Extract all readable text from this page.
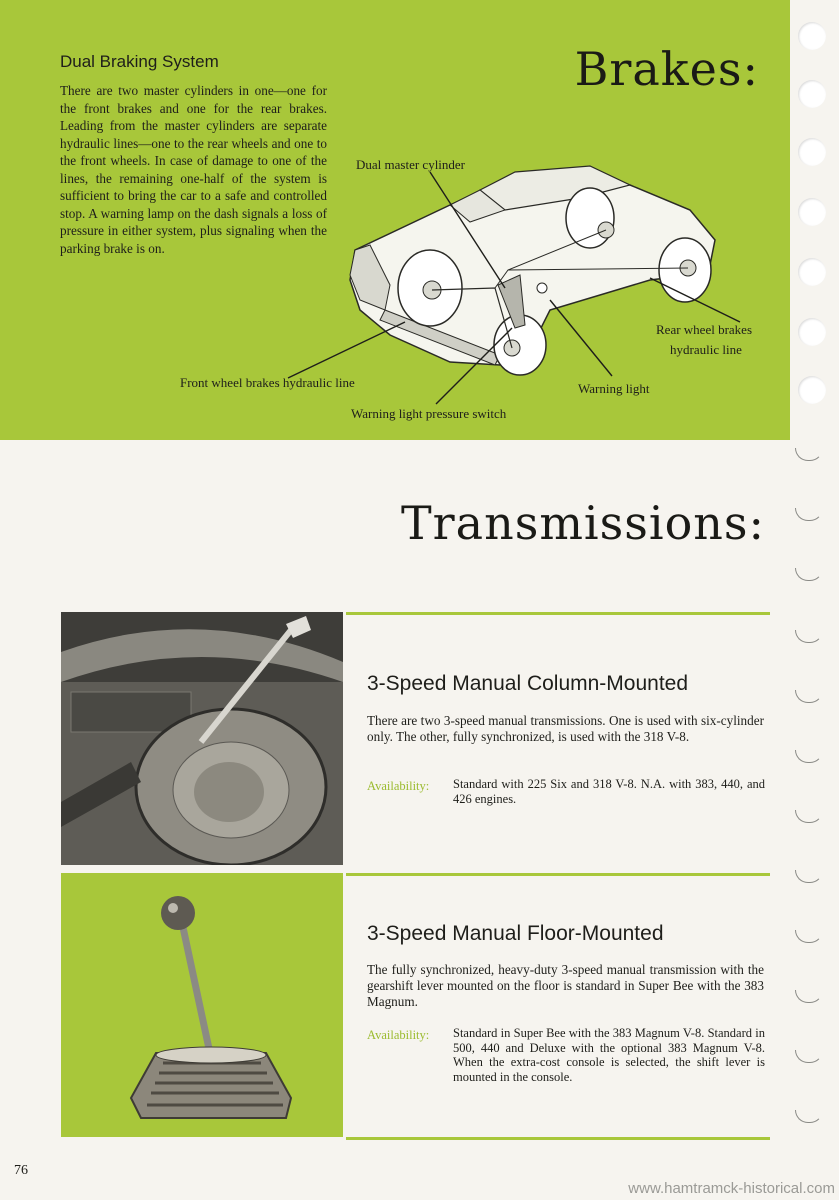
Dual Braking System
There are two master cylinders in one—one for the front brakes and one for the rear brakes. Leading from the master cylinders are separate hydraulic lines—one to the rear wheels and one to the front wheels. In case of damage to one of the lines, the remaining one-half of the system is sufficient to bring the car to a safe and controlled stop. A warning lamp on the dash signals a loss of pressure in either system, plus signaling when the parking brake is on.
Brakes:
Dual master cylinder
Rear wheel brakes
hydraulic line
Front wheel brakes hydraulic line	Warning light
Warning light pressure switch
Transmissions:
3-Speed Manual Column-Mounted
There are two 3-speed manual transmissions. One is used with six-cylinder only. The other, fully synchronized, is used with the 318 V-8.
Availability: Standard with 225 Six and 318 V-8. N.A. with 383, 440, and 426 engines.
3-Speed Manual Floor-Mounted
The fully synchronized, heavy-duty 3-speed manual transmission with the gearshift lever mounted on the floor is standard in Super Bee with the 383 Magnum.
Availability: Standard in Super Bee with the 383 Magnum V-8. Standard in 500, 440 and Deluxe with the optional 383 Magnum V-8. When the extra-cost console is selected, the shift lever is mounted in the console.
76
www.hamtramck-historical.com
